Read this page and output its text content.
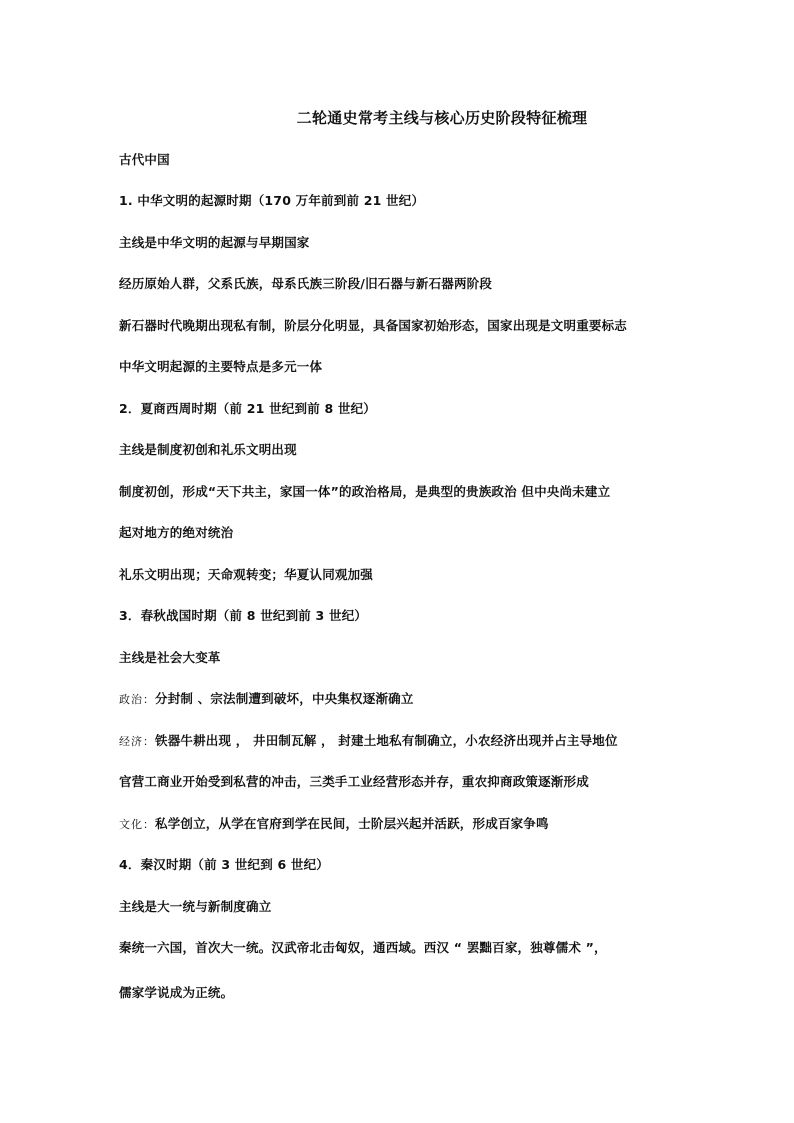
二轮通史常考主线与核心历史阶段特征梳理
古代中国
1. 中华文明的起源时期（170 万年前到前 21 世纪）
主线是中华文明的起源与早期国家
经历原始人群，父系氏族，母系氏族三阶段/旧石器与新石器两阶段
新石器时代晚期出现私有制，阶层分化明显，具备国家初始形态，国家出现是文明重要标志
中华文明起源的主要特点是多元一体
2．夏商西周时期（前 21 世纪到前 8 世纪）
主线是制度初创和礼乐文明出现
制度初创，形成“天下共主，家国一体”的政治格局，是典型的贵族政治 但中央尚未建立
起对地方的绝对统治
礼乐文明出现；天命观转变；华夏认同观加强
3．春秋战国时期（前 8 世纪到前 3 世纪）
主线是社会大变革
政治：分封制 、宗法制遭到破坏，中央集权逐渐确立
经济：铁器牛耕出现 ， 井田制瓦解 ， 封建土地私有制确立，小农经济出现并占主导地位
官营工商业开始受到私营的冲击，三类手工业经营形态并存，重农抑商政策逐渐形成
文化：私学创立，从学在官府到学在民间，士阶层兴起并活跃，形成百家争鸣
4．秦汉时期（前 3 世纪到 6 世纪）
主线是大一统与新制度确立
秦统一六国，首次大一统。汉武帝北击匈奴，通西域。西汉 “ 罢黜百家，独尊儒术 ”，
儒家学说成为正统。
